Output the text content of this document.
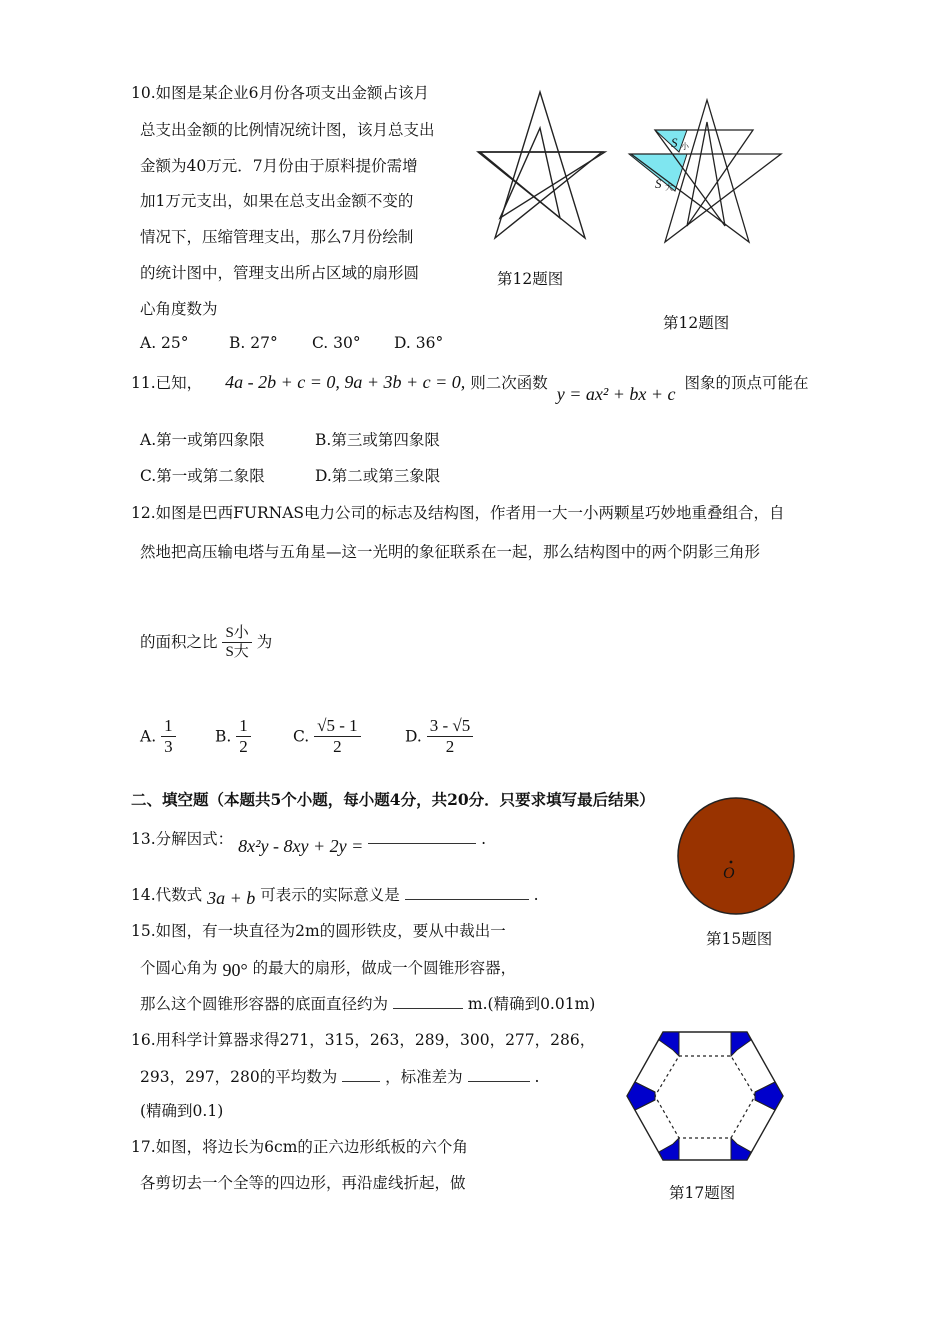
10.如图是某企业6月份各项支出金额占该月
总支出金额的比例情况统计图，该月总支出
金额为40万元．7月份由于原料提价需增
加1万元支出，如果在总支出金额不变的
情况下，压缩管理支出，那么7月份绘制
的统计图中，管理支出所占区域的扇形圆
心角度数为
A. 25°	B. 27° C. 30° D. 36°
第12题图
S 小
S 大
第12题图
11.已知， 4a - 2b + c = 0, 9a + 3b + c = 0, 则二次函数 y = ax² + bx + c 图象的顶点可能在
A.第一或第四象限	B.第三或第四象限
C.第一或第二象限	D.第二或第三象限
12.如图是巴西FURNAS电力公司的标志及结构图，作者用一大一小两颗星巧妙地重叠组合，自
然地把高压输电塔与五角星—这一光明的象征联系在一起，那么结构图中的两个阴影三角形
的面积之比 $\frac{\text{S小}}{\text{S大}}$ 为
A. $\frac{1}{3}$	B. $\frac{1}{2}$	C. $\frac{√5 - 1}{2}$	D. $\frac{3 - √5}{2}$
二、填空题（本题共5个小题，每小题4分，共20分．只要求填写最后结果）
13.分解因式： 8x²y - 8xy + 2y =	.
O
第15题图
14.代数式 3a + b 可表示的实际意义是	.
15.如图，有一块直径为2m的圆形铁皮，要从中裁出一
个圆心角为 90° 的最大的扇形，做成一个圆锥形容器，
那么这个圆锥形容器的底面直径约为	m.(精确到0.01m)
16.用科学计算器求得271，315，263，289，300，277，286，
293，297，280的平均数为	，标准差为	.
(精确到0.1)
第17题图
17.如图，将边长为6cm的正六边形纸板的六个角
各剪切去一个全等的四边形，再沿虚线折起，做
